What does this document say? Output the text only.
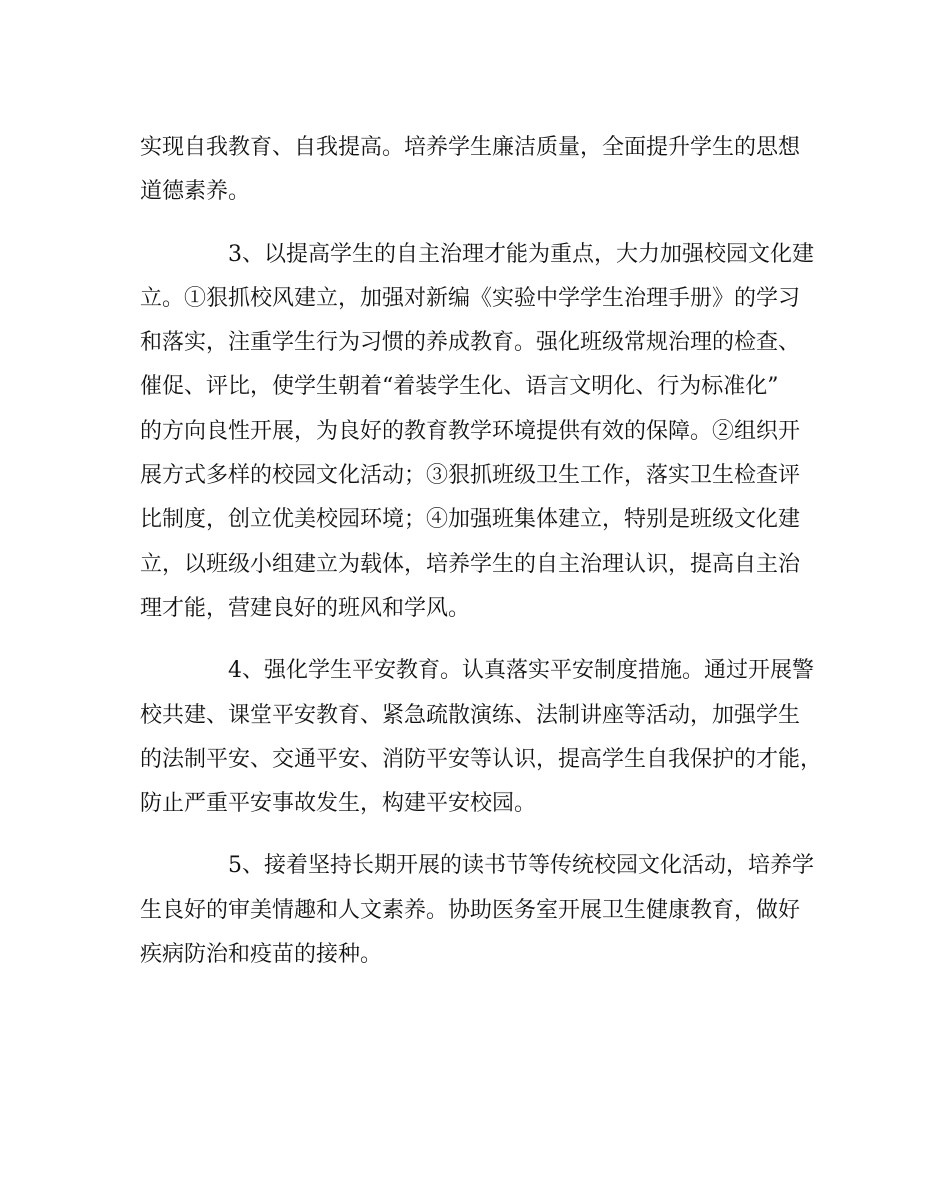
实现自我教育、自我提高。培养学生廉洁质量，全面提升学生的思想
道德素养。
3、以提高学生的自主治理才能为重点，大力加强校园文化建
立。①狠抓校风建立，加强对新编《实验中学学生治理手册》的学习
和落实，注重学生行为习惯的养成教育。强化班级常规治理的检查、
催促、评比，使学生朝着“着装学生化、语言文明化、行为标准化”
的方向良性开展，为良好的教育教学环境提供有效的保障。②组织开
展方式多样的校园文化活动；③狠抓班级卫生工作，落实卫生检查评
比制度，创立优美校园环境；④加强班集体建立，特别是班级文化建
立，以班级小组建立为载体，培养学生的自主治理认识，提高自主治
理才能，营建良好的班风和学风。
4、强化学生平安教育。认真落实平安制度措施。通过开展警
校共建、课堂平安教育、紧急疏散演练、法制讲座等活动，加强学生
的法制平安、交通平安、消防平安等认识，提高学生自我保护的才能，
防止严重平安事故发生，构建平安校园。
5、接着坚持长期开展的读书节等传统校园文化活动，培养学
生良好的审美情趣和人文素养。协助医务室开展卫生健康教育，做好
疾病防治和疫苗的接种。
